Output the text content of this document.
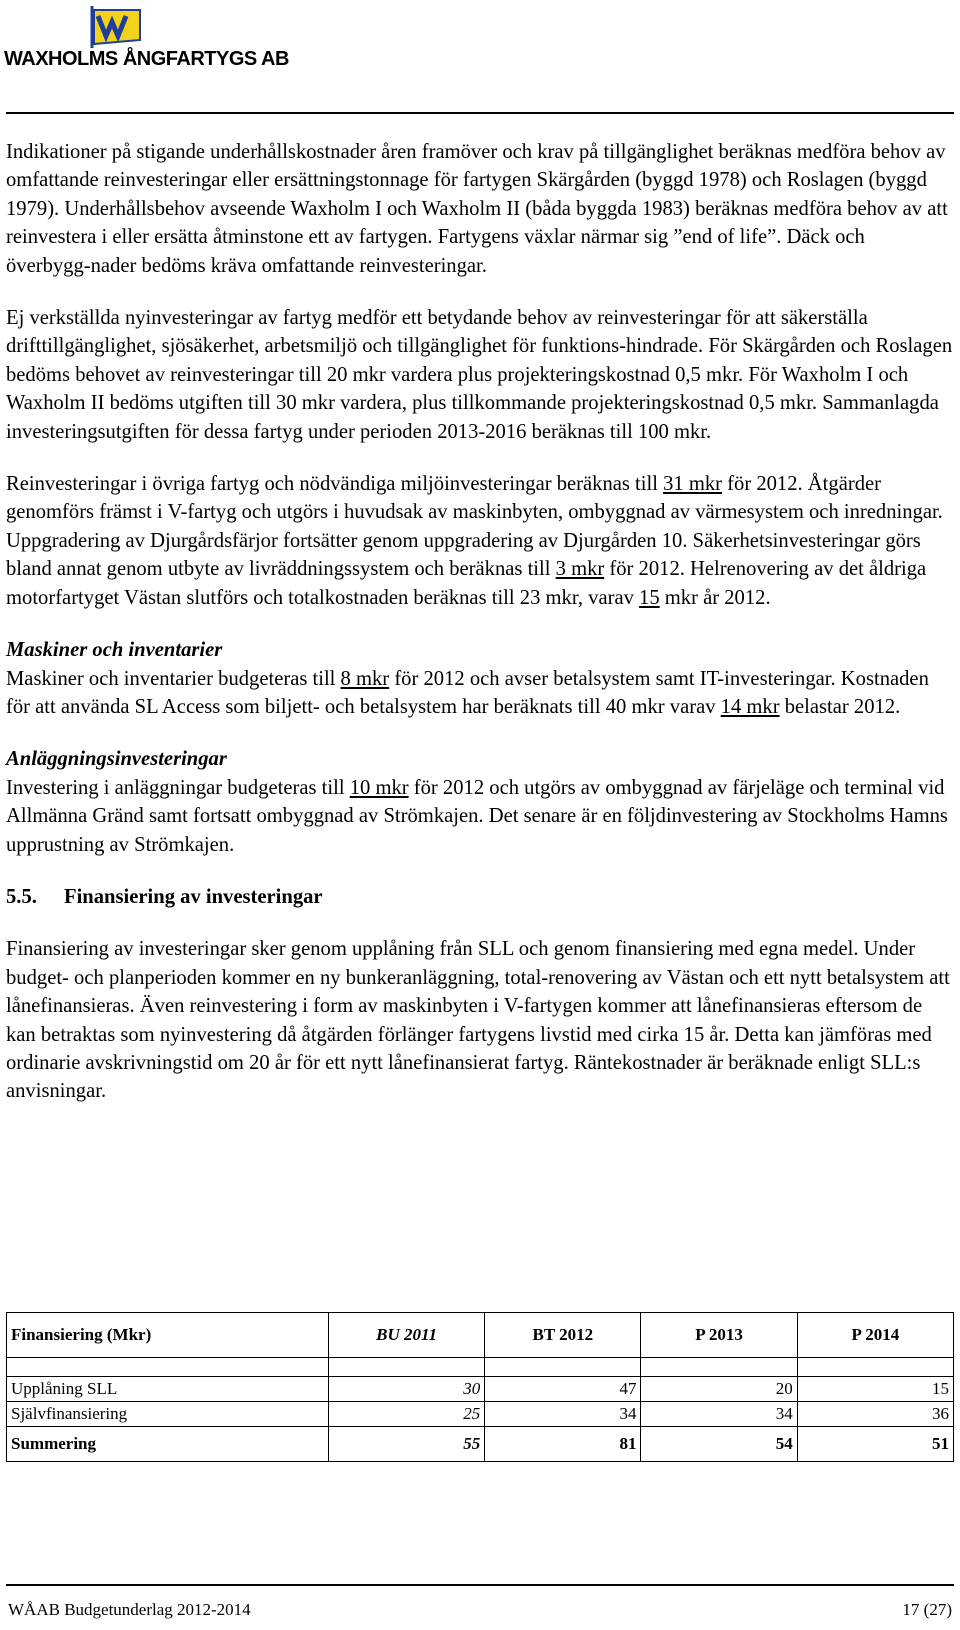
WAXHOLMS ÅNGFARTYGS AB

Indikationer på stigande underhållskostnader åren framöver och krav på tillgänglighet beräknas medföra behov av omfattande reinvesteringar eller ersättningstonnage för fartygen Skärgården (byggd 1978) och Roslagen (byggd 1979). Underhållsbehov avseende Waxholm I och Waxholm II (båda byggda 1983) beräknas medföra behov av att reinvestera i eller ersätta åtminstone ett av fartygen. Fartygens växlar närmar sig ”end of life”. Däck och överbygg-nader bedöms kräva omfattande reinvesteringar.

Ej verkställda nyinvesteringar av fartyg medför ett betydande behov av reinvesteringar för att säkerställa drifttillgänglighet, sjösäkerhet, arbetsmiljö och tillgänglighet för funktions-hindrade. För Skärgården och Roslagen bedöms behovet av reinvesteringar till 20 mkr vardera plus projekteringskostnad 0,5 mkr. För Waxholm I och Waxholm II bedöms utgiften till 30 mkr vardera, plus tillkommande projekteringskostnad 0,5 mkr. Sammanlagda investeringsutgiften för dessa fartyg under perioden 2013-2016 beräknas till 100 mkr.

Reinvesteringar i övriga fartyg och nödvändiga miljöinvesteringar beräknas till 31 mkr för 2012. Åtgärder genomförs främst i V-fartyg och utgörs i huvudsak av maskinbyten, ombyggnad av värmesystem och inredningar. Uppgradering av Djurgårdsfärjor fortsätter genom uppgradering av Djurgården 10. Säkerhetsinvesteringar görs bland annat genom utbyte av livräddningssystem och beräknas till 3 mkr för 2012. Helrenovering av det åldriga motorfartyget Västan slutförs och totalkostnaden beräknas till 23 mkr, varav 15 mkr år 2012.

Maskiner och inventarier

Maskiner och inventarier budgeteras till 8 mkr för 2012 och avser betalsystem samt IT-investeringar. Kostnaden för att använda SL Access som biljett- och betalsystem har beräknats till 40 mkr varav 14 mkr belastar 2012.

Anläggningsinvesteringar

Investering i anläggningar budgeteras till 10 mkr för 2012 och utgörs av ombyggnad av färjeläge och terminal vid Allmänna Gränd samt fortsatt ombyggnad av Strömkajen. Det senare är en följdinvestering av Stockholms Hamns upprustning av Strömkajen.

5.5.	Finansiering av investeringar

Finansiering av investeringar sker genom upplåning från SLL och genom finansiering med egna medel. Under budget- och planperioden kommer en ny bunkeranläggning, total-renovering av Västan och ett nytt betalsystem att lånefinansieras. Även reinvestering i form av maskinbyten i V-fartygen kommer att lånefinansieras eftersom de kan betraktas som nyinvestering då åtgärden förlänger fartygens livstid med cirka 15 år. Detta kan jämföras med ordinarie avskrivningstid om 20 år för ett nytt lånefinansierat fartyg. Räntekostnader är beräknade enligt SLL:s anvisningar.

Finansiering (Mkr)	BU 2011	BT 2012	P 2013	P 2014

Upplåning SLL	30	47	20	15
Självfinansiering	25	34	34	36
Summering	55	81	54	51
WÅAB Budgetunderlag 2012-2014	17 (27)
